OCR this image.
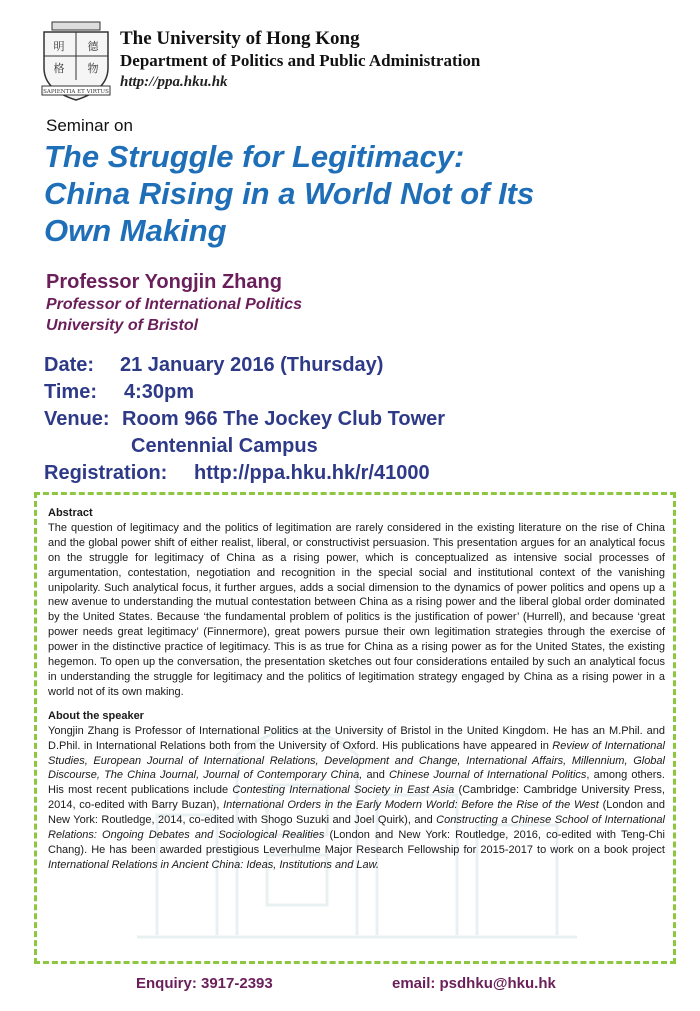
明 德
格 物
SAPIENTIA ET VIRTUS
The University of Hong Kong
Department of Politics and Public Administration
http://ppa.hku.hk
Seminar on
The Struggle for Legitimacy:
China Rising in a World Not of Its
Own Making
Professor Yongjin Zhang
Professor of International Politics
University of Bristol
Date: 21 January 2016 (Thursday)
Time: 4:30pm
Venue: Room 966 The Jockey Club Tower
Centennial Campus
Registration: http://ppa.hku.hk/r/41000
Abstract

The question of legitimacy and the politics of legitimation are rarely considered in the existing literature on the rise of China and the global power shift of either realist, liberal, or constructivist persuasion. This presentation argues for an analytical focus on the struggle for legitimacy of China as a rising power, which is conceptualized as intensive social processes of argumentation, contestation, negotiation and recognition in the special social and institutional context of the vanishing unipolarity. Such analytical focus, it further argues, adds a social dimension to the dynamics of power politics and opens up a new avenue to understanding the mutual contestation between China as a rising power and the liberal global order dominated by the United States. Because ‘the fundamental problem of politics is the justification of power’ (Hurrell), and because ‘great power needs great legitimacy’ (Finnermore), great powers pursue their own legitimation strategies through the exercise of power in the distinctive practice of legitimacy. This is as true for China as a rising power as for the United States, the existing hegemon. To open up the conversation, the presentation sketches out four considerations entailed by such an analytical focus in understanding the struggle for legitimacy and the politics of legitimation strategy engaged by China as a rising power in a world not of its own making.

About the speaker

Yongjin Zhang is Professor of International Politics at the University of Bristol in the United Kingdom. He has an M.Phil. and D.Phil. in International Relations both from the University of Oxford. His publications have appeared in Review of International Studies, European Journal of International Relations, Development and Change, International Affairs, Millennium, Global Discourse, The China Journal, Journal of Contemporary China, and Chinese Journal of International Politics, among others. His most recent publications include Contesting International Society in East Asia (Cambridge: Cambridge University Press, 2014, co-edited with Barry Buzan), International Orders in the Early Modern World: Before the Rise of the West (London and New York: Routledge, 2014, co-edited with Shogo Suzuki and Joel Quirk), and Constructing a Chinese School of International Relations: Ongoing Debates and Sociological Realities (London and New York: Routledge, 2016, co-edited with Teng-Chi Chang). He has been awarded prestigious Leverhulme Major Research Fellowship for 2015-2017 to work on a book project International Relations in Ancient China: Ideas, Institutions and Law.

Enquiry: 3917-2393	email: psdhku@hku.hk
